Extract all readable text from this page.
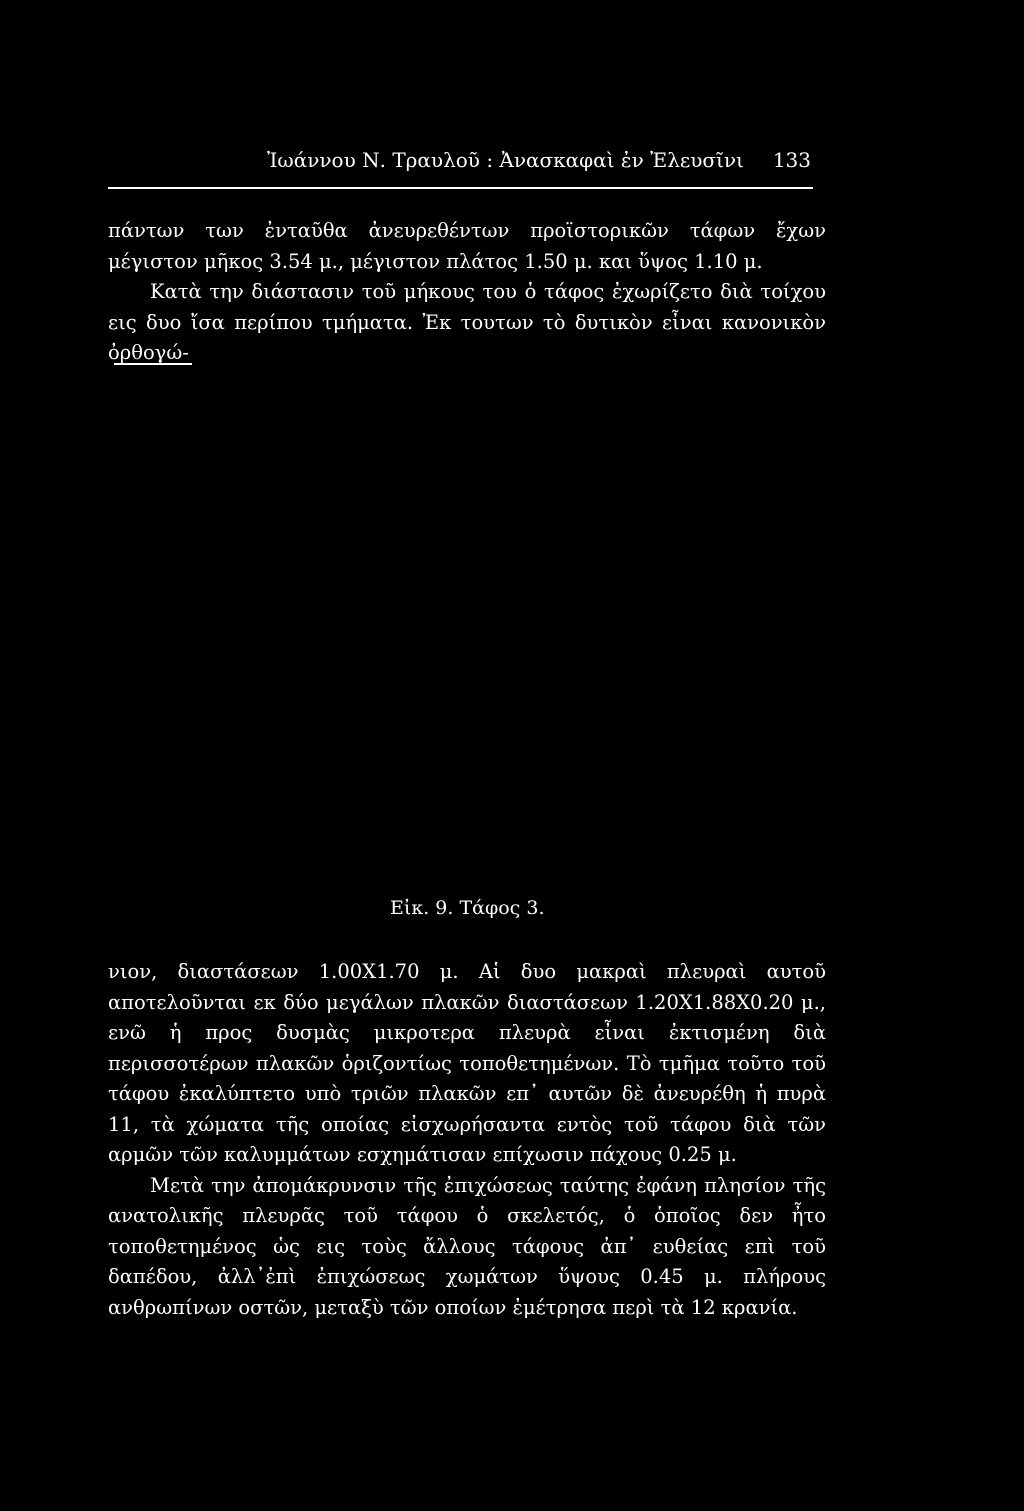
Ἰωάννου Ν. Τραυλοῦ : Ἀνασκαφαὶ ἐν Ἐλευσῖνι 133

πάντων των ἐνταῦθα ἀνευρεθέντων προϊστορικῶν τάφων ἔχων μέγιστον μῆκος 3.54 μ., μέγιστον πλάτος 1.50 μ. και ὕψος 1.10 μ.

Κατὰ την διάστασιν τοῦ μήκους του ὁ τάφος ἐχωρίζετο διὰ τοίχου εις δυο ἴσα περίπου τμήματα. Ἐκ τουτων τὸ δυτικὸν εἶναι κανονικὸν ὀρθογώ-

Εἰκ. 9. Τάφος 3.

νιον, διαστάσεων 1.00Χ1.70 μ. Αἱ δυο μακραὶ πλευραὶ αυτοῦ αποτελοῦνται εκ δύο μεγάλων πλακῶν διαστάσεων 1.20Χ1.88Χ0.20 μ., ενῶ ἡ προς δυσμὰς μικροτερα πλευρὰ εἶναι ἐκτισμένη διὰ περισσοτέρων πλακῶν ὁριζοντίως τοποθετημένων. Τὸ τμῆμα τοῦτο τοῦ τάφου ἐκαλύπτετο υπὸ τριῶν πλακῶν επ᾽ αυτῶν δὲ ἀνευρέθη ἡ πυρὰ 11, τὰ χώματα τῆς οποίας εἰσχωρήσαντα εντὸς τοῦ τάφου διὰ τῶν αρμῶν τῶν καλυμμάτων εσχημάτισαν επίχωσιν πάχους 0.25 μ.

Μετὰ την ἀπομάκρυνσιν τῆς ἐπιχώσεως ταύτης ἐφάνη πλησίον τῆς ανατολικῆς πλευρᾶς τοῦ τάφου ὁ σκελετός, ὁ ὁποῖος δεν ἦτο τοποθετημένος ὡς εις τοὺς ἄλλους τάφους ἀπ᾽ ευθείας επὶ τοῦ δαπέδου, ἀλλ᾽ἐπὶ ἐπιχώσεως χωμάτων ὕψους 0.45 μ. πλήρους ανθρωπίνων οστῶν, μεταξὺ τῶν οποίων ἐμέτρησα περὶ τὰ 12 κρανία.
